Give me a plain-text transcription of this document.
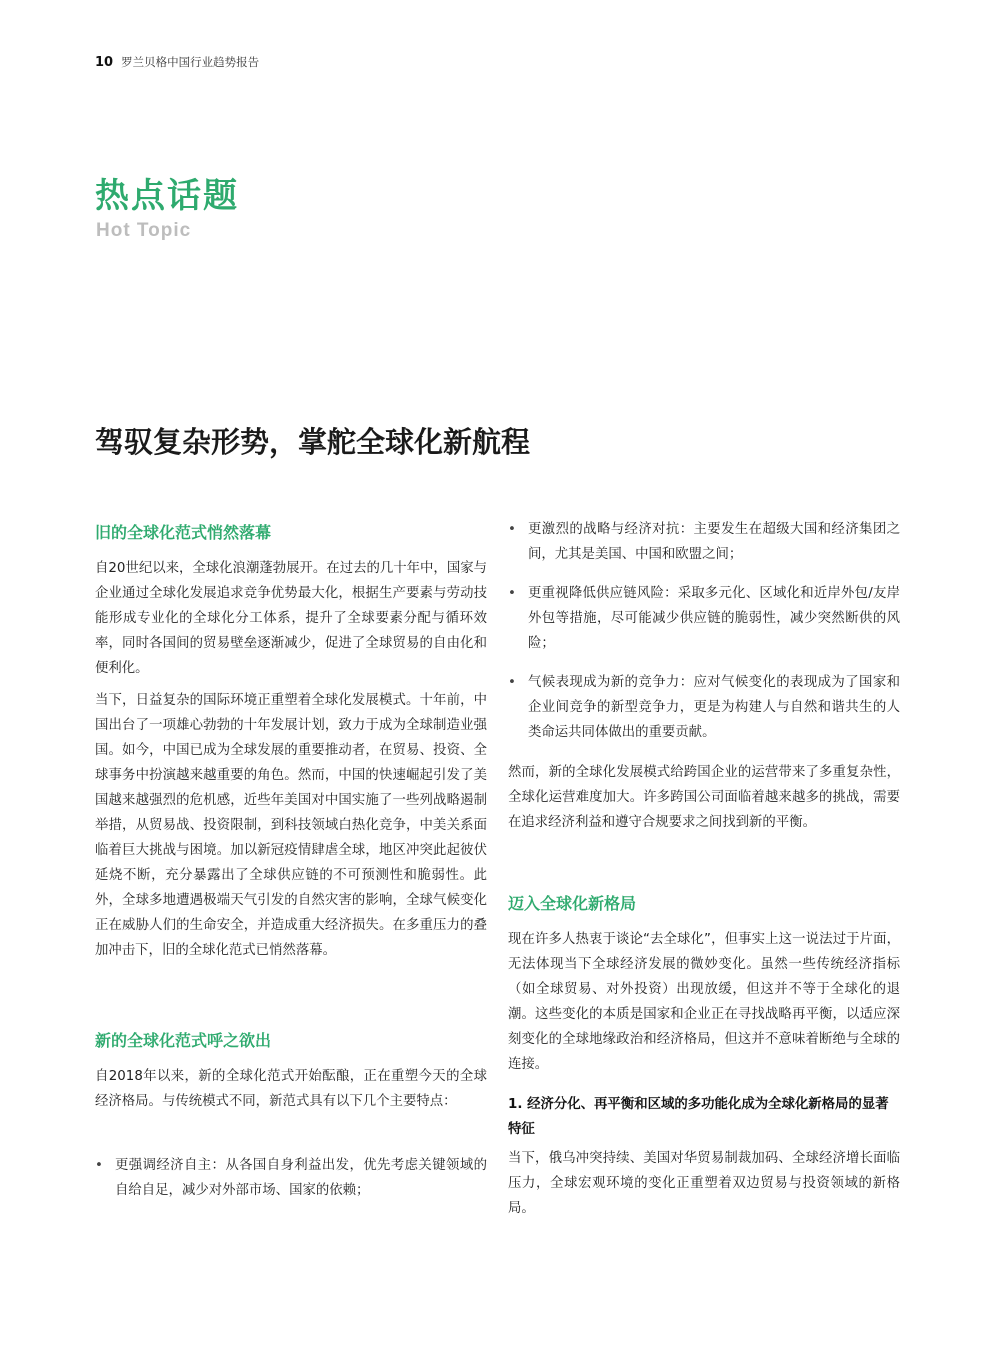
10 罗兰贝格中国行业趋势报告
热点话题
Hot Topic
驾驭复杂形势，掌舵全球化新航程
旧的全球化范式悄然落幕

自20世纪以来，全球化浪潮蓬勃展开。在过去的几十年中，国家与企业通过全球化发展追求竞争优势最大化，根据生产要素与劳动技能形成专业化的全球化分工体系，提升了全球要素分配与循环效率，同时各国间的贸易壁垒逐渐减少，促进了全球贸易的自由化和便利化。

当下，日益复杂的国际环境正重塑着全球化发展模式。十年前，中国出台了一项雄心勃勃的十年发展计划，致力于成为全球制造业强国。如今，中国已成为全球发展的重要推动者，在贸易、投资、全球事务中扮演越来越重要的角色。然而，中国的快速崛起引发了美国越来越强烈的危机感，近些年美国对中国实施了一些列战略遏制举措，从贸易战、投资限制，到科技领域白热化竞争，中美关系面临着巨大挑战与困境。加以新冠疫情肆虐全球，地区冲突此起彼伏延烧不断，充分暴露出了全球供应链的不可预测性和脆弱性。此外，全球多地遭遇极端天气引发的自然灾害的影响，全球气候变化正在威胁人们的生命安全，并造成重大经济损失。在多重压力的叠加冲击下，旧的全球化范式已悄然落幕。

新的全球化范式呼之欲出

自2018年以来，新的全球化范式开始酝酿，正在重塑今天的全球经济格局。与传统模式不同，新范式具有以下几个主要特点：

• 更强调经济自主：从各国自身利益出发，优先考虑关键领域的自给自足，减少对外部市场、国家的依赖；

• 更激烈的战略与经济对抗：主要发生在超级大国和经济集团之间，尤其是美国、中国和欧盟之间；

• 更重视降低供应链风险：采取多元化、区域化和近岸外包/友岸外包等措施，尽可能减少供应链的脆弱性，减少突然断供的风险；

• 气候表现成为新的竞争力：应对气候变化的表现成为了国家和企业间竞争的新型竞争力，更是为构建人与自然和谐共生的人类命运共同体做出的重要贡献。

然而，新的全球化发展模式给跨国企业的运营带来了多重复杂性，全球化运营难度加大。许多跨国公司面临着越来越多的挑战，需要在追求经济利益和遵守合规要求之间找到新的平衡。

迈入全球化新格局

现在许多人热衷于谈论“去全球化”，但事实上这一说法过于片面，无法体现当下全球经济发展的微妙变化。虽然一些传统经济指标（如全球贸易、对外投资）出现放缓，但这并不等于全球化的退潮。这些变化的本质是国家和企业正在寻找战略再平衡，以适应深刻变化的全球地缘政治和经济格局，但这并不意味着断绝与全球的连接。

1. 经济分化、再平衡和区域的多功能化成为全球化新格局的显著特征

当下，俄乌冲突持续、美国对华贸易制裁加码、全球经济增长面临压力，全球宏观环境的变化正重塑着双边贸易与投资领域的新格局。
